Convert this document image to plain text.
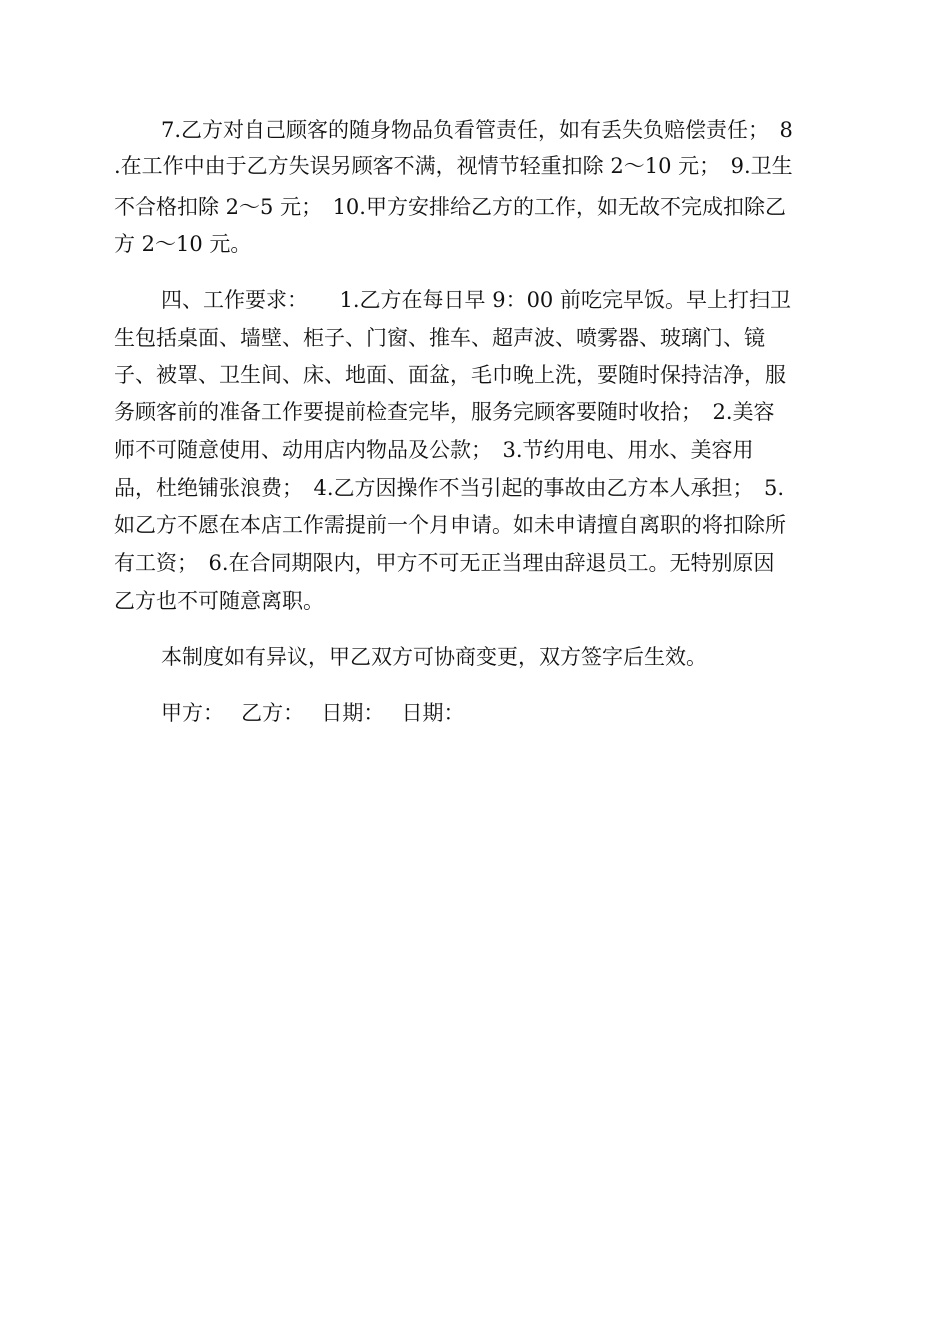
7.乙方对自己顾客的随身物品负看管责任，如有丢失负赔偿责任；　8

.在工作中由于乙方失误另顾客不满，视情节轻重扣除 2～10 元；　9.卫生

不合格扣除 2～5 元；　10.甲方安排给乙方的工作，如无故不完成扣除乙

方 2～10 元。

四、工作要求：　　1.乙方在每日早 9：00 前吃完早饭。早上打扫卫

生包括桌面、墙壁、柜子、门窗、推车、超声波、喷雾器、玻璃门、镜

子、被罩、卫生间、床、地面、面盆，毛巾晚上洗，要随时保持洁净，服

务顾客前的准备工作要提前检查完毕，服务完顾客要随时收拾；　2.美容

师不可随意使用、动用店内物品及公款；　3.节约用电、用水、美容用

品，杜绝铺张浪费；　4.乙方因操作不当引起的事故由乙方本人承担；　5.

如乙方不愿在本店工作需提前一个月申请。如未申请擅自离职的将扣除所

有工资；　6.在合同期限内，甲方不可无正当理由辞退员工。无特别原因

乙方也不可随意离职。

本制度如有异议，甲乙双方可协商变更，双方签字后生效。

甲方：　 乙方：　 日期：　 日期：
